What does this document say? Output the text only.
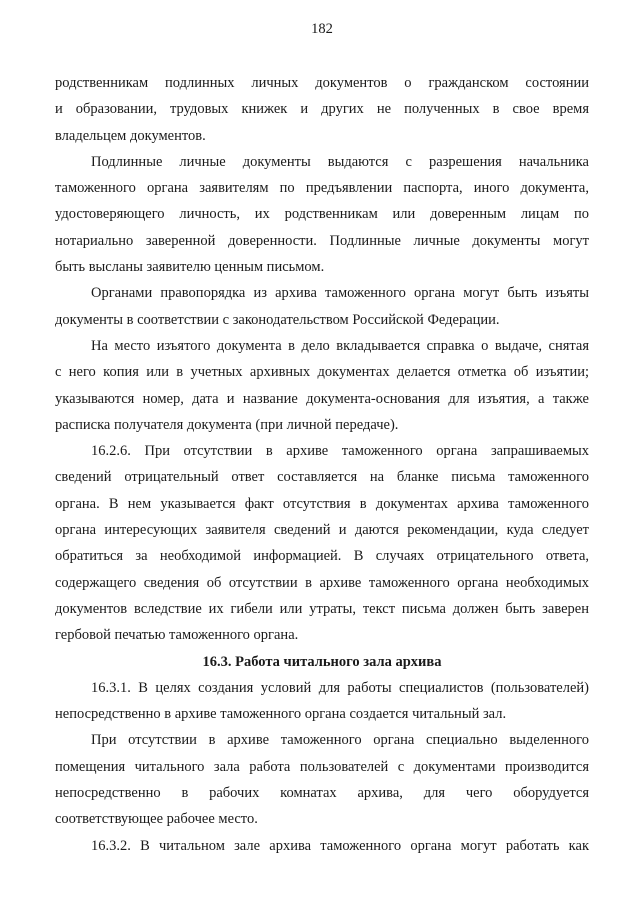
182
родственникам подлинных личных документов о гражданском состоянии
и образовании, трудовых книжек и других не полученных в свое время
владельцем документов.
Подлинные личные документы выдаются с разрешения начальника
таможенного органа заявителям по предъявлении паспорта, иного документа,
удостоверяющего личность, их родственникам или доверенным лицам по
нотариально заверенной доверенности. Подлинные личные документы могут
быть высланы заявителю ценным письмом.
Органами правопорядка из архива таможенного органа могут быть изъяты
документы в соответствии с законодательством Российской Федерации.
На место изъятого документа в дело вкладывается справка о выдаче, снятая
с него копия или в учетных архивных документах делается отметка об изъятии;
указываются номер, дата и название документа-основания для изъятия, а также
расписка получателя документа (при личной передаче).
16.2.6. При отсутствии в архиве таможенного органа запрашиваемых
сведений отрицательный ответ составляется на бланке письма таможенного
органа. В нем указывается факт отсутствия в документах архива таможенного
органа интересующих заявителя сведений и даются рекомендации, куда следует
обратиться за необходимой информацией. В случаях отрицательного ответа,
содержащего сведения об отсутствии в архиве таможенного органа необходимых
документов вследствие их гибели или утраты, текст письма должен быть заверен
гербовой печатью таможенного органа.
16.3. Работа читального зала архива
16.3.1. В целях создания условий для работы специалистов (пользователей)
непосредственно в архиве таможенного органа создается читальный зал.
При отсутствии в архиве таможенного органа специально выделенного
помещения читального зала работа пользователей с документами производится
непосредственно в рабочих комнатах архива, для чего оборудуется
соответствующее рабочее место.
16.3.2. В читальном зале архива таможенного органа могут работать как
